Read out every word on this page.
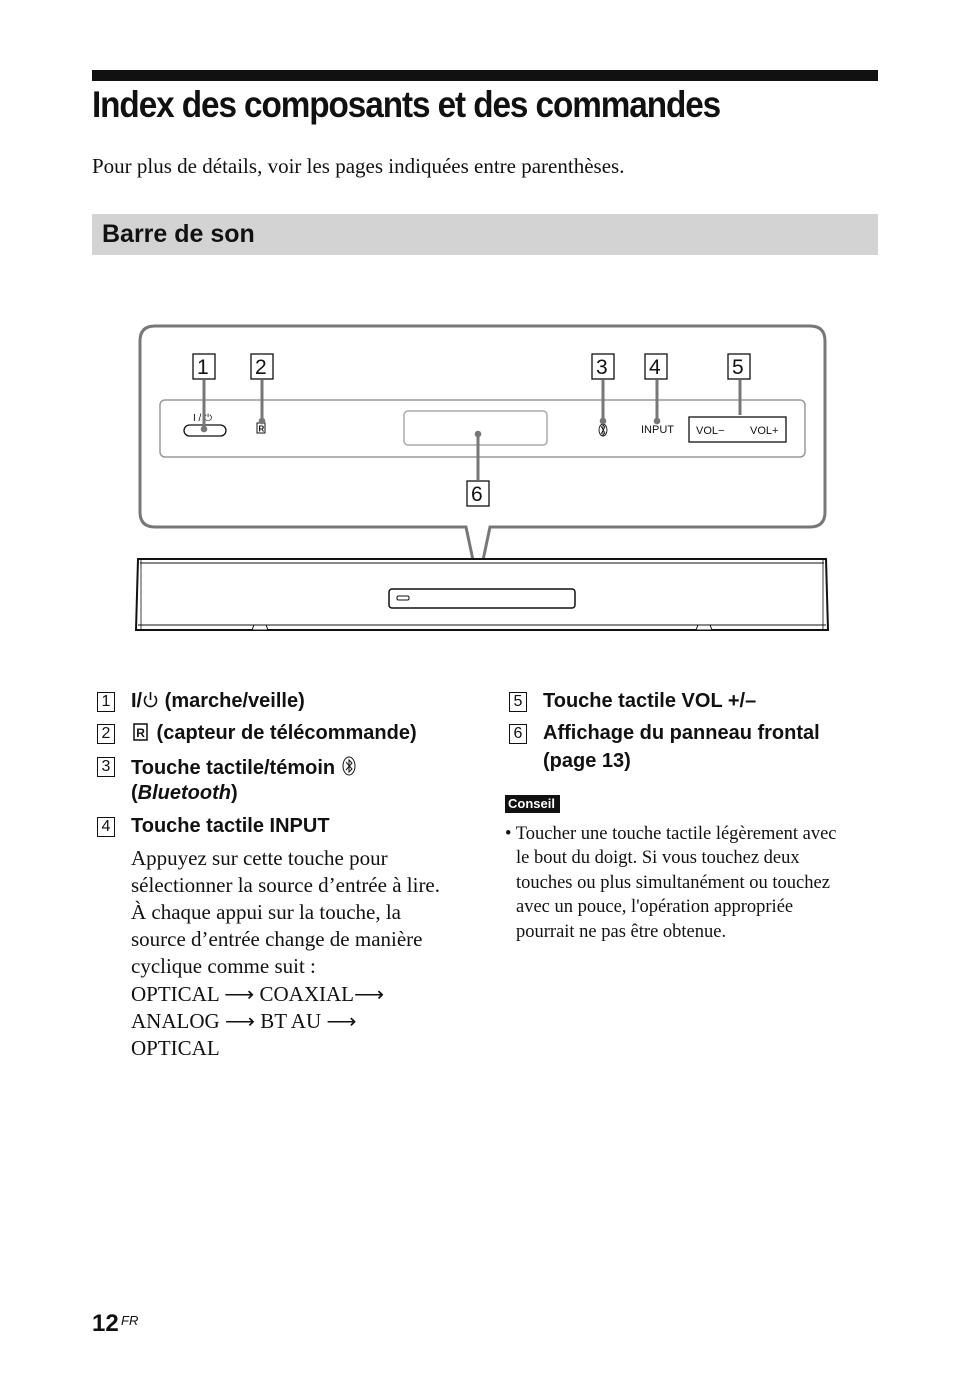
Index des composants et des commandes
Pour plus de détails, voir les pages indiquées entre parenthèses.
Barre de son
I / ⏻
R	INPUT VOL− VOL+
1 2	3 4	5
6
1 I/ (marche/veille)
2	R (capteur de télécommande)
3 Touche tactile/témoin
(Bluetooth)
4 Touche tactile INPUT
Appuyez sur cette touche pour
sélectionner la source d’entrée à lire.
À chaque appui sur la touche, la
source d’entrée change de manière
cyclique comme suit :
OPTICAL ⟶ COAXIAL⟶
ANALOG ⟶ BT AU ⟶
OPTICAL
5 Touche tactile VOL +/–
6 Affichage du panneau frontal
(page 13)
Conseil
• Toucher une touche tactile légèrement avec
le bout du doigt. Si vous touchez deux
touches ou plus simultanément ou touchez
avec un pouce, l'opération appropriée
pourrait ne pas être obtenue.
12 FR
